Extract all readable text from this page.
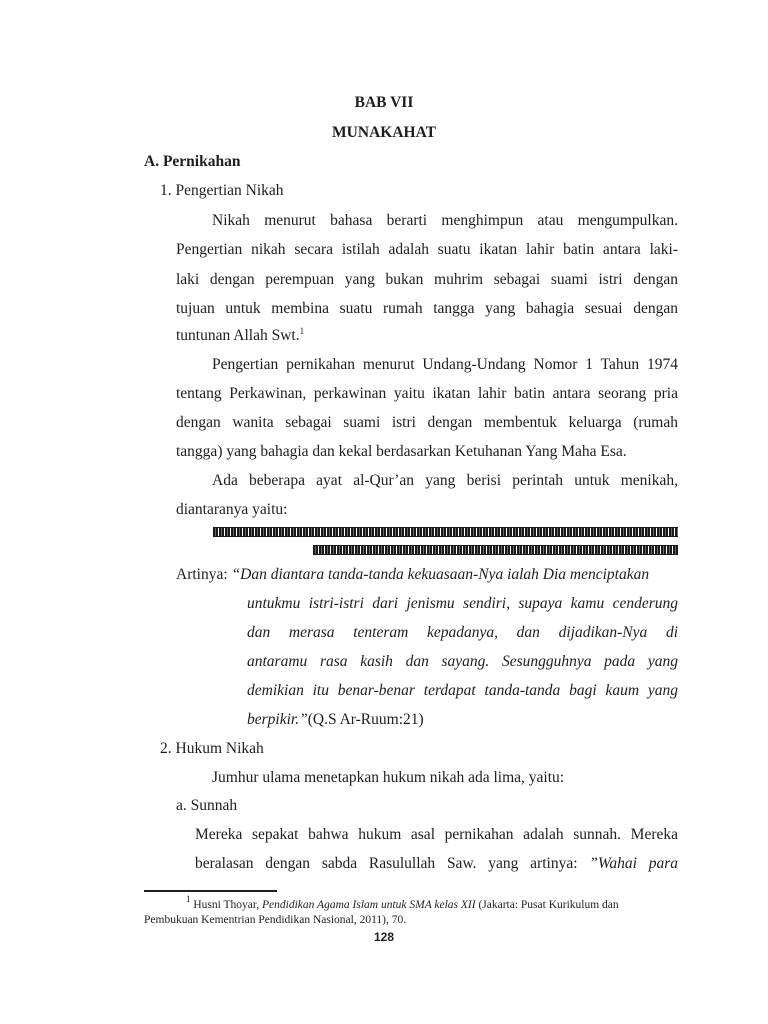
BAB VII
MUNAKAHAT
A. Pernikahan
1. Pengertian Nikah
Nikah menurut bahasa berarti menghimpun atau mengumpulkan.
Pengertian nikah secara istilah adalah suatu ikatan lahir batin antara laki-
laki dengan perempuan yang bukan muhrim sebagai suami istri dengan
tujuan untuk membina suatu rumah tangga yang bahagia sesuai dengan
tuntunan Allah Swt.$^1$
Pengertian pernikahan menurut Undang-Undang Nomor 1 Tahun 1974
tentang Perkawinan, perkawinan yaitu ikatan lahir batin antara seorang pria
dengan wanita sebagai suami istri dengan membentuk keluarga (rumah
tangga) yang bahagia dan kekal berdasarkan Ketuhanan Yang Maha Esa.
Ada beberapa ayat al-Qur’an yang berisi perintah untuk menikah,
diantaranya yaitu:
Artinya: “Dan diantara tanda-tanda kekuasaan-Nya ialah Dia menciptakan
untukmu istri-istri dari jenismu sendiri, supaya kamu cenderung
dan merasa tenteram kepadanya, dan dijadikan-Nya di
antaramu rasa kasih dan sayang. Sesungguhnya pada yang
demikian itu benar-benar terdapat tanda-tanda bagi kaum yang
berpikir.”(Q.S Ar-Ruum:21)
2. Hukum Nikah
Jumhur ulama menetapkan hukum nikah ada lima, yaitu:
a. Sunnah
Mereka sepakat bahwa hukum asal pernikahan adalah sunnah. Mereka
beralasan dengan sabda Rasulullah Saw. yang artinya: ”Wahai para
$^1$ Husni Thoyar, Pendidikan Agama Islam untuk SMA kelas XII (Jakarta: Pusat Kurikulum dan
Pembukuan Kementrian Pendidikan Nasional, 2011), 70.
128
